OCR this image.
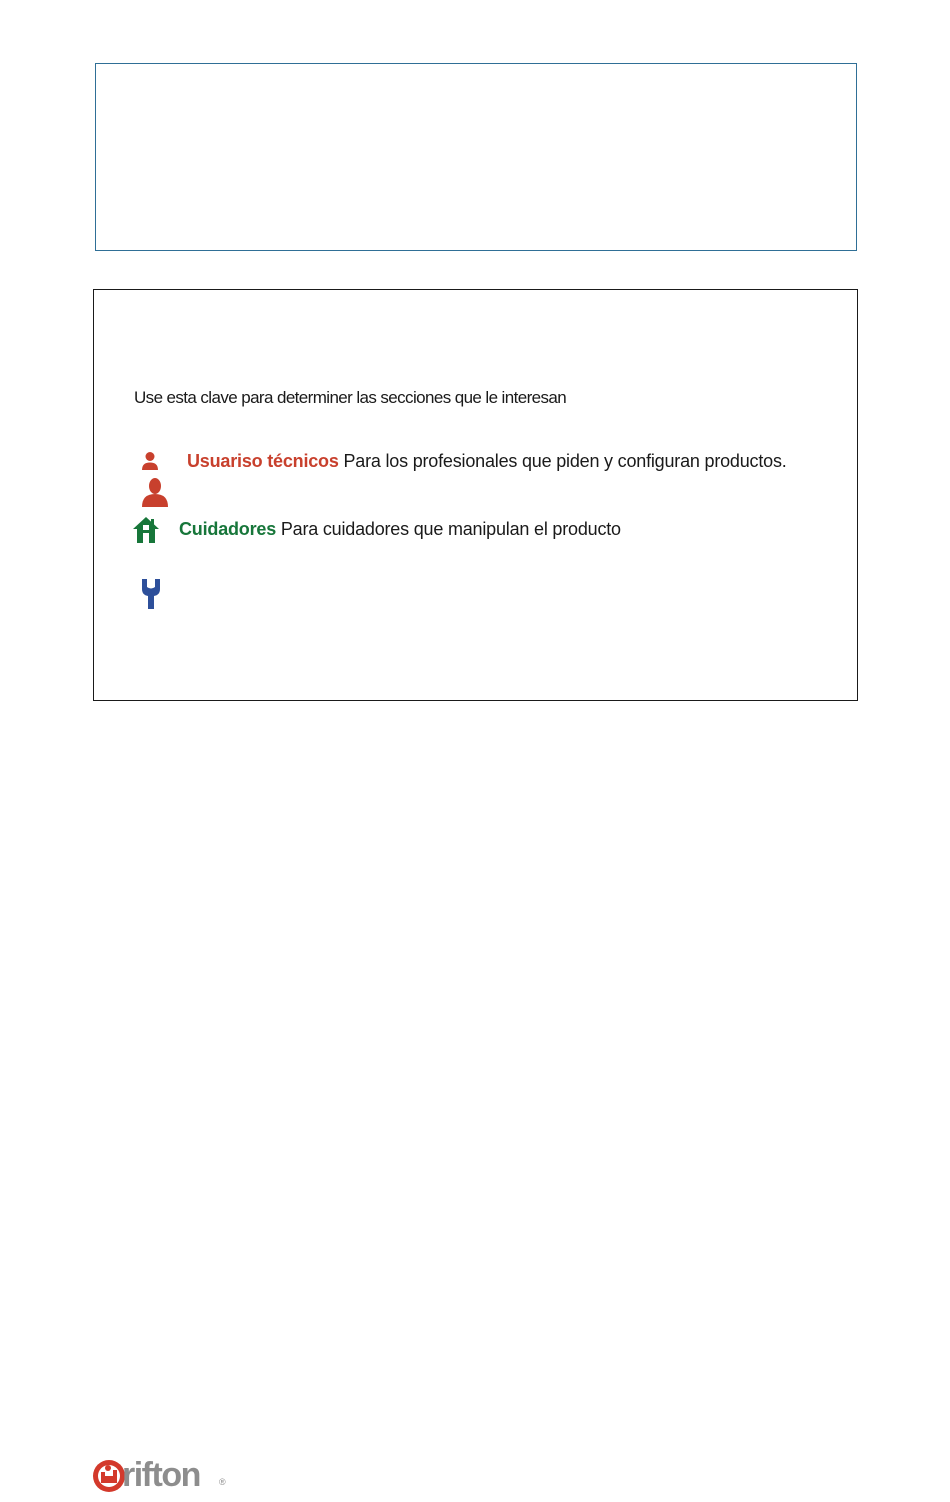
Use esta clave para determiner las secciones que le interesan
Usuariso técnicos Para los profesionales que piden y configuran productos.
Cuidadores Para cuidadores que manipulan el producto
rifton ®
